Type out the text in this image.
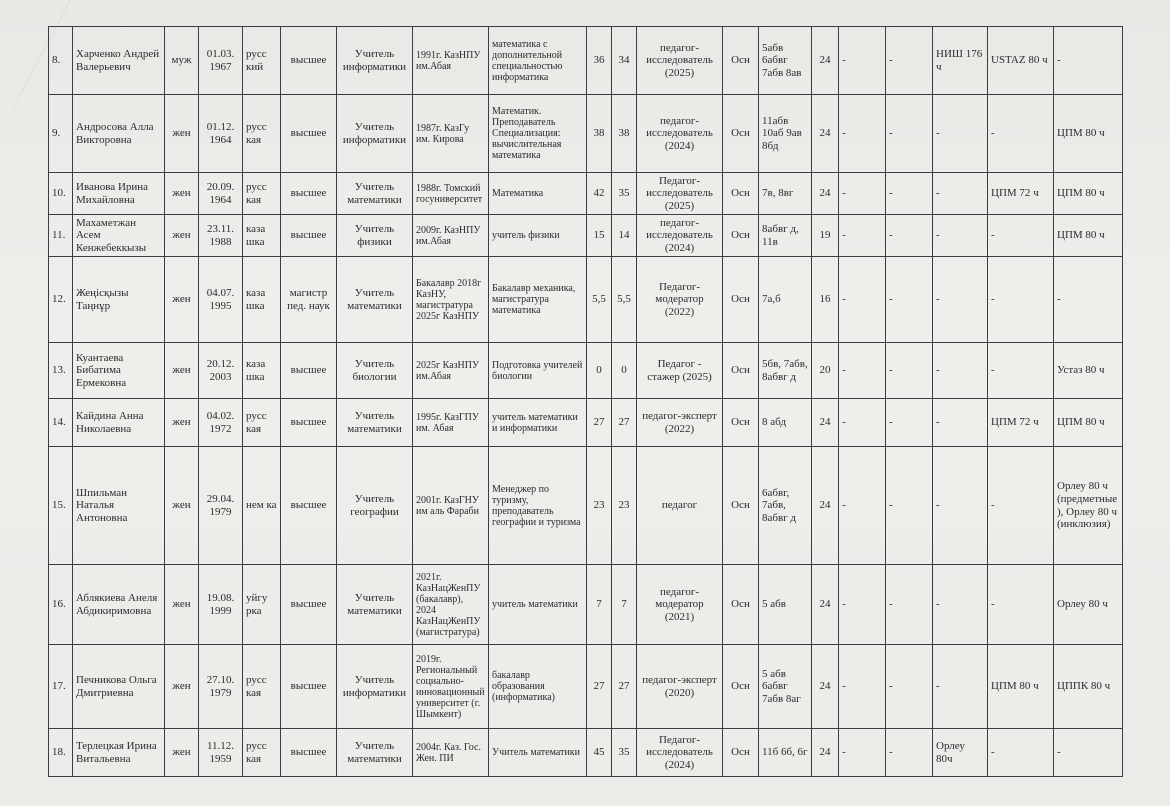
8.	Харченко Андрей Валерьевич	муж	01.03. 1967	русс кий	высшее	Учитель информатики	1991г. КазНПУ им.Абая	математика с дополнительной специальностью информатика	36	34	педагог-исследователь (2025)	Осн	5абв 6абвг 7абв 8ав	24	-	-	НИШ 176 ч	USTAZ 80 ч	-
9.	Андросова Алла Викторовна	жен	01.12. 1964	русс кая	высшее	Учитель информатики	1987г. КазГу им. Кирова	Математик. Преподаватель Специализация: вычислительная математика	38	38	педагог-исследователь (2024)	Осн	11абв 10аб 9ав 8бд	24	-	-	-	-	ЦПМ 80 ч
10.	Иванова Ирина Михайловна	жен	20.09. 1964	русс кая	высшее	Учитель математики	1988г. Томский госуниверситет	Математика	42	35	Педагог-исследователь (2025)	Осн	7в, 8вг	24	-	-	-	ЦПМ 72 ч	ЦПМ 80 ч
11.	Махаметжан Асем Кенжебеккызы	жен	23.11. 1988	каза шка	высшее	Учитель физики	2009г. КазНПУ им.Абая	учитель физики	15	14	педагог-исследователь (2024)	Осн	8абвг д, 11в	19	-	-	-	-	ЦПМ 80 ч
12.	Жеңісқызы Таңнұр	жен	04.07. 1995	каза шка	магистр пед. наук	Учитель математики	Бакалавр 2018г КазНУ, магистратура 2025г КазНПУ	Бакалавр механика, магистратура математика	5,5	5,5	Педагог-модератор (2022)	Осн	7а,б	16	-	-	-	-	-
13.	Куантаева Бибатима Ермековна	жен	20.12. 2003	каза шка	высшее	Учитель биологии	2025г КазНПУ им.Абая	Подготовка учителей биологии	0	0	Педагог - стажер (2025)	Осн	5бв, 7абв, 8абвг д	20	-	-	-	-	Устаз 80 ч
14.	Кайдина Анна Николаевна	жен	04.02. 1972	русс кая	высшее	Учитель математики	1995г. КазГПУ им. Абая	учитель математики и информатики	27	27	педагог-эксперт (2022)	Осн	8 абд	24	-	-	-	ЦПМ 72 ч	ЦПМ 80 ч
15.	Шпильман Наталья Антоновна	жен	29.04. 1979	нем ка	высшее	Учитель географии	2001г. КазГНУ им аль Фараби	Менеджер по туризму, преподаватель географии и туризма	23	23	педагог	Осн	6абвг, 7абв, 8абвг д	24	-	-	-	-	Орлеу 80 ч (предметные), Орлеу 80 ч (инклюзия)
16.	Аблякиева Анеля Абдикиримовна	жен	19.08. 1999	уйгу рка	высшее	Учитель математики	2021г. КазНацЖенПУ (бакалавр), 2024 КазНацЖенПУ (магистратура)	учитель математики	7	7	педагог-модератор (2021)	Осн	5 абв	24	-	-	-	-	Орлеу 80 ч
17.	Печникова Ольга Дмитриевна	жен	27.10. 1979	русс кая	высшее	Учитель информатики	2019г. Региональный социально-инновационный университет (г. Шымкент)	бакалавр образования (информатика)	27	27	педагог-эксперт (2020)	Осн	5 абв 6абвг 7абв 8аг	24	-	-	-	ЦПМ 80 ч	ЦППК 80 ч
18.	Терлецкая Ирина Витальевна	жен	11.12. 1959	русс кая	высшее	Учитель математики	2004г. Каз. Гос. Жен. ПИ	Учитель математики	45	35	Педагог-исследователь (2024)	Осн	11б 6б, 6г	24	-	-	Орлеу 80ч	-	-
